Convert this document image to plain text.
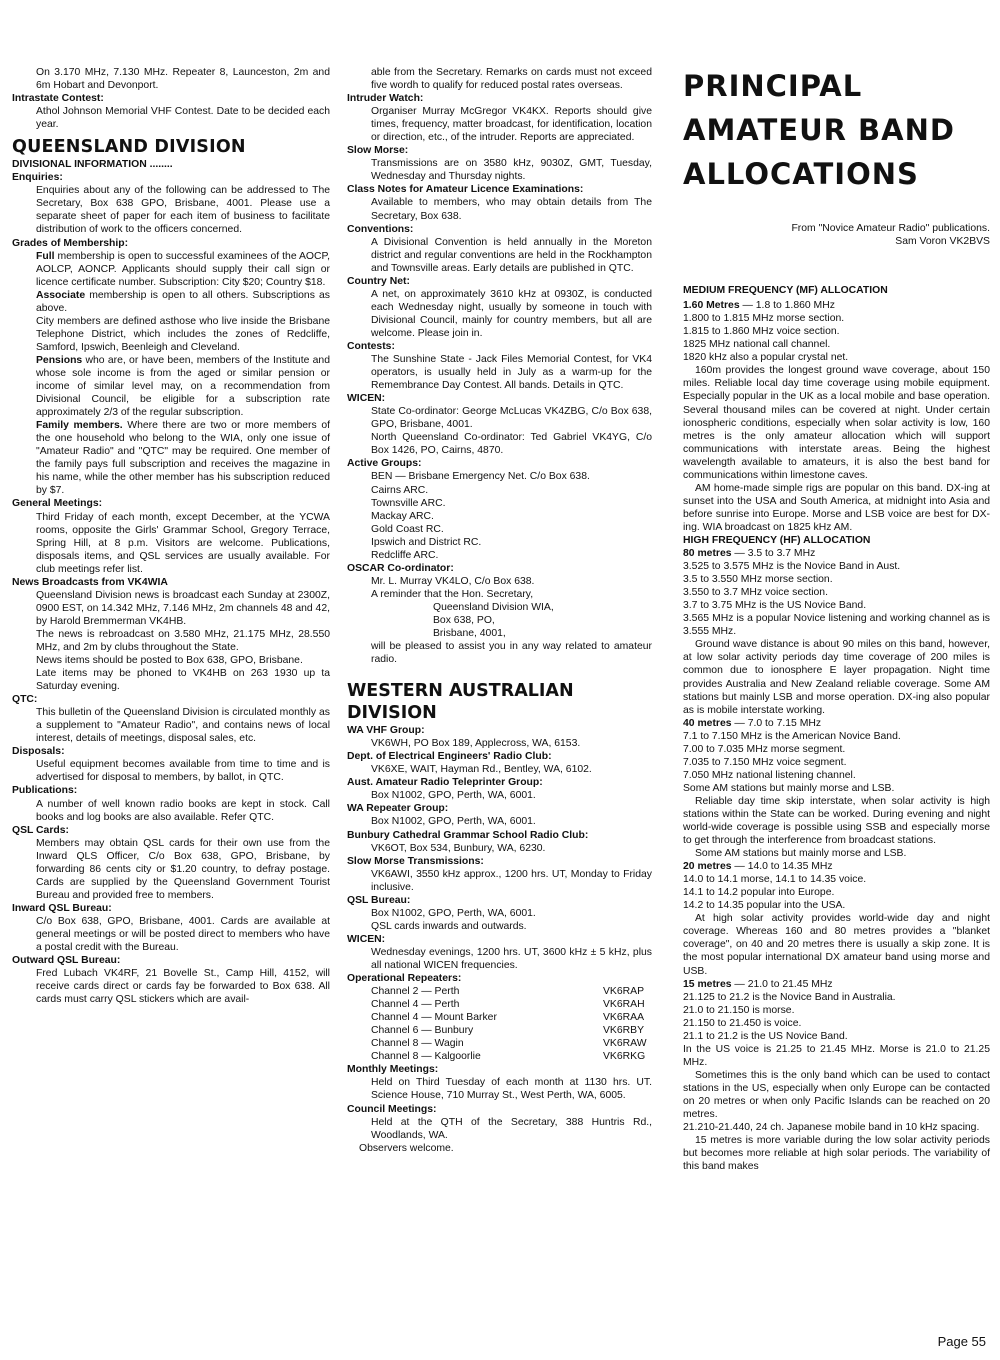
On 3.170 MHz, 7.130 MHz. Repeater 8, Launceston, 2m and 6m Hobart and Devonport.
Intrastate Contest:
Athol Johnson Memorial VHF Contest. Date to be decided each year.
QUEENSLAND DIVISION
DIVISIONAL INFORMATION ........
Enquiries:
Enquiries about any of the following can be addressed to The Secretary, Box 638 GPO, Brisbane, 4001. Please use a separate sheet of paper for each item of business to facilitate distribution of work to the officers concerned.
Grades of Membership:
Full membership is open to successful examinees of the AOCP, AOLCP, AONCP. Applicants should supply their call sign or licence certificate number. Subscription: City $20; Country $18.
Associate membership is open to all others. Subscriptions as above.
City members are defined asthose who live inside the Brisbane Telephone District, which includes the zones of Redcliffe, Samford, Ipswich, Beenleigh and Cleveland.
Pensions who are, or have been, members of the Institute and whose sole income is from the aged or similar pension or income of similar level may, on a recommendation from Divisional Council, be eligible for a subscription rate approximately 2/3 of the regular subscription.
Family members. Where there are two or more members of the one household who belong to the WIA, only one issue of "Amateur Radio" and "QTC" may be required. One member of the family pays full subscription and receives the magazine in his name, while the other member has his subscription reduced by $7.
General Meetings:
Third Friday of each month, except December, at the YCWA rooms, opposite the Girls' Grammar School, Gregory Terrace, Spring Hill, at 8 p.m. Visitors are welcome. Publications, disposals items, and QSL services are usually available. For club meetings refer list.
News Broadcasts from VK4WIA
Queensland Division news is broadcast each Sunday at 2300Z, 0900 EST, on 14.342 MHz, 7.146 MHz, 2m channels 48 and 42, by Harold Bremmerman VK4HB.
The news is rebroadcast on 3.580 MHz, 21.175 MHz, 28.550 MHz, and 2m by clubs throughout the State.
News items should be posted to Box 638, GPO, Brisbane.
Late items may be phoned to VK4HB on 263 1930 up ta Saturday evening.
QTC:
This bulletin of the Queensland Division is circulated monthly as a supplement to "Amateur Radio", and contains news of local interest, details of meetings, disposal sales, etc.
Disposals:
Useful equipment becomes available from time to time and is advertised for disposal to members, by ballot, in QTC.
Publications:
A number of well known radio books are kept in stock. Call books and log books are also available. Refer QTC.
QSL Cards:
Members may obtain QSL cards for their own use from the Inward QLS Officer, C/o Box 638, GPO, Brisbane, by forwarding 86 cents city or $1.20 country, to defray postage. Cards are supplied by the Queensland Government Tourist Bureau and provided free to members.
Inward QSL Bureau:
C/o Box 638, GPO, Brisbane, 4001. Cards are available at general meetings or will be posted direct to members who have a postal credit with the Bureau.
Outward QSL Bureau:
Fred Lubach VK4RF, 21 Bovelle St., Camp Hill, 4152, will receive cards direct or cards fay be forwarded to Box 638. All cards must carry QSL stickers which are avail-
able from the Secretary. Remarks on cards must not exceed five wordh to qualify for reduced postal rates overseas.
Intruder Watch:
Organiser Murray McGregor VK4KX. Reports should give times, frequency, matter broadcast, for identification, location or direction, etc., of the intruder. Reports are appreciated.
Slow Morse:
Transmissions are on 3580 kHz, 9030Z, GMT, Tuesday, Wednesday and Thursday nights.
Class Notes for Amateur Licence Examinations:
Available to members, who may obtain details from The Secretary, Box 638.
Conventions:
A Divisional Convention is held annually in the Moreton district and regular conventions are held in the Rockhampton and Townsville areas. Early details are published in QTC.
Country Net:
A net, on approximately 3610 kHz at 0930Z, is conducted each Wednesday night, usually by someone in touch with Divisional Council, mainly for country members, but all are welcome. Please join in.
Contests:
The Sunshine State - Jack Files Memorial Contest, for VK4 operators, is usually held in July as a warm-up for the Remembrance Day Contest. All bands. Details in QTC.
WICEN:
State Co-ordinator: George McLucas VK4ZBG, C/o Box 638, GPO, Brisbane, 4001.
North Queensland Co-ordinator: Ted Gabriel VK4YG, C/o Box 1426, PO, Cairns, 4870.
Active Groups:
BEN — Brisbane Emergency Net. C/o Box 638.
Cairns ARC.
Townsville ARC.
Mackay ARC.
Gold Coast RC.
Ipswich and District RC.
Redcliffe ARC.
OSCAR Co-ordinator:
Mr. L. Murray VK4LO, C/o Box 638.
A reminder that the Hon. Secretary,
Queensland Division WIA,
Box 638, PO,
Brisbane, 4001,
will be pleased to assist you in any way related to amateur radio.
WESTERN AUSTRALIAN
DIVISION
WA VHF Group:
VK6WH, PO Box 189, Applecross, WA, 6153.
Dept. of Electrical Engineers' Radio Club:
VK6XE, WAIT, Hayman Rd., Bentley, WA, 6102.
Aust. Amateur Radio Teleprinter Group:
Box N1002, GPO, Perth, WA, 6001.
WA Repeater Group:
Box N1002, GPO, Perth, WA, 6001.
Bunbury Cathedral Grammar School Radio Club:
VK6OT, Box 534, Bunbury, WA, 6230.
Slow Morse Transmissions:
VK6AWI, 3550 kHz approx., 1200 hrs. UT, Monday to Friday inclusive.
QSL Bureau:
Box N1002, GPO, Perth, WA, 6001.
QSL cards inwards and outwards.
WICEN:
Wednesday evenings, 1200 hrs. UT, 3600 kHz ± 5 kHz, plus all national WICEN frequencies.
Operational Repeaters:
Channel 2 — Perth	VK6RAP
Channel 4 — Perth	VK6RAH
Channel 4 — Mount Barker	VK6RAA
Channel 6 — Bunbury	VK6RBY
Channel 8 — Wagin	VK6RAW
Channel 8 — Kalgoorlie	VK6RKG
Monthly Meetings:
Held on Third Tuesday of each month at 1130 hrs. UT. Science House, 710 Murray St., West Perth, WA, 6005.
Council Meetings:
Held at the QTH of the Secretary, 388 Huntris Rd., Woodlands, WA.
Observers welcome.
PRINCIPAL
AMATEUR BAND
ALLOCATIONS
From "Novice Amateur Radio" publications.
Sam Voron VK2BVS
MEDIUM FREQUENCY (MF) ALLOCATION
1.60 Metres — 1.8 to 1.860 MHz
1.800 to 1.815 MHz morse section.
1.815 to 1.860 MHz voice section.
1825 MHz national call channel.
1820 kHz also a popular crystal net.
160m provides the longest ground wave coverage, about 150 miles. Reliable local day time coverage using mobile equipment. Especially popular in the UK as a local mobile and base operation. Several thousand miles can be covered at night. Under certain ionospheric conditions, especially when solar activity is low, 160 metres is the only amateur allocation which will support communications with interstate areas. Being the highest wavelength available to amateurs, it is also the best band for communications within limestone caves.
AM home-made simple rigs are popular on this band. DX-ing at sunset into the USA and South America, at midnight into Asia and before sunrise into Europe. Morse and LSB voice are best for DX-ing. WIA broadcast on 1825 kHz AM.
HIGH FREQUENCY (HF) ALLOCATION
80 metres — 3.5 to 3.7 MHz
3.525 to 3.575 MHz is the Novice Band in Aust.
3.5 to 3.550 MHz morse section.
3.550 to 3.7 MHz voice section.
3.7 to 3.75 MHz is the US Novice Band.
3.565 MHz is a popular Novice listening and working channel as is 3.555 MHz.
Ground wave distance is about 90 miles on this band, however, at low solar activity periods day time coverage of 200 miles is common due to ionosphere E layer propagation. Night time provides Australia and New Zealand reliable coverage. Some AM stations but mainly LSB and morse operation. DX-ing also popular as is mobile interstate working.
40 metres — 7.0 to 7.15 MHz
7.1 to 7.150 MHz is the American Novice Band.
7.00 to 7.035 MHz morse segment.
7.035 to 7.150 MHz voice segment.
7.050 MHz national listening channel.
Some AM stations but mainly morse and LSB.
Reliable day time skip interstate, when solar activity is high stations within the State can be worked. During evening and night world-wide coverage is possible using SSB and especially morse to get through the interference from broadcast stations.
Some AM stations but mainly morse and LSB.
20 metres — 14.0 to 14.35 MHz
14.0 to 14.1 morse, 14.1 to 14.35 voice.
14.1 to 14.2 popular into Europe.
14.2 to 14.35 popular into the USA.
At high solar activity provides world-wide day and night coverage. Whereas 160 and 80 metres provides a "blanket coverage", on 40 and 20 metres there is usually a skip zone. It is the most popular international DX amateur band using morse and USB.
15 metres — 21.0 to 21.45 MHz
21.125 to 21.2 is the Novice Band in Australia.
21.0 to 21.150 is morse.
21.150 to 21.450 is voice.
21.1 to 21.2 is the US Novice Band.
In the US voice is 21.25 to 21.45 MHz. Morse is 21.0 to 21.25 MHz.
Sometimes this is the only band which can be used to contact stations in the US, especially when only Europe can be contacted on 20 metres or when only Pacific Islands can be reached on 20 metres.
21.210-21.440, 24 ch. Japanese mobile band in 10 kHz spacing.
15 metres is more variable during the low solar activity periods but becomes more reliable at high solar periods. The variability of this band makes
Page 55
